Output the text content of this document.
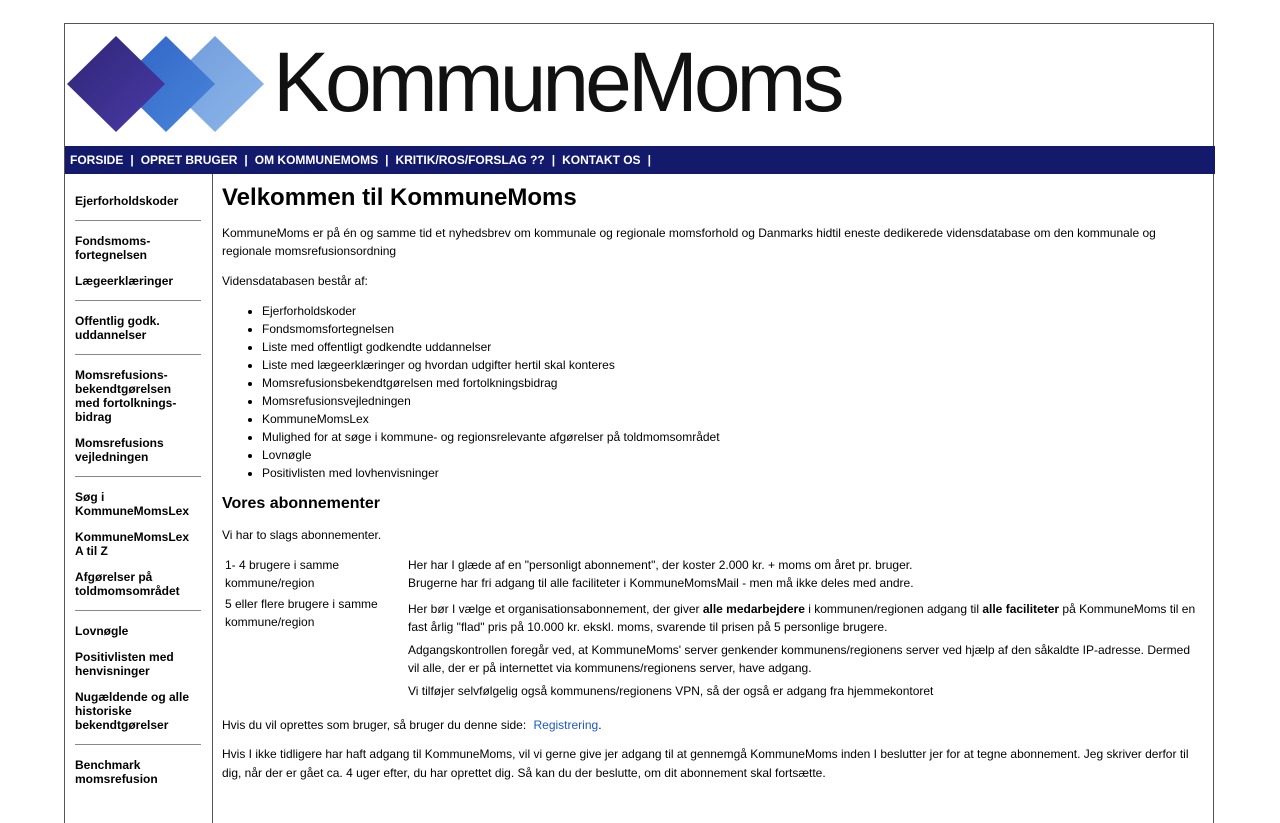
KommuneMoms
FORSIDE | OPRET BRUGER | OM KOMMUNEMOMS | KRITIK/ROS/FORSLAG ?? | KONTAKT OS |
Ejerforholdskoder
Fondsmoms-fortegnelsen
Lægeerklæringer
Offentlig godk. uddannelser
Momsrefusions-bekendtgørelsen med fortolknings-bidrag
Momsrefusions vejledningen
Søg i KommuneMomsLex
KommuneMomsLex A til Z
Afgørelser på toldmomsområdet
Lovnøgle
Positivlisten med henvisninger
Nugældende og alle historiske bekendtgørelser
Benchmark momsrefusion
Velkommen til KommuneMoms

KommuneMoms er på én og samme tid et nyhedsbrev om kommunale og regionale momsforhold og Danmarks hidtil eneste dedikerede vidensdatabase om den kommunale og regionale momsrefusionsordning

Vidensdatabasen består af:

• Ejerforholdskoder
• Fondsmomsfortegnelsen
• Liste med offentligt godkendte uddannelser
• Liste med lægeerklæringer og hvordan udgifter hertil skal konteres
• Momsrefusionsbekendtgørelsen med fortolkningsbidrag
• Momsrefusionsvejledningen
• KommuneMomsLex
• Mulighed for at søge i kommune- og regionsrelevante afgørelser på toldmomsområdet
• Lovnøgle
• Positivlisten med lovhenvisninger
Vores abonnementer

Vi har to slags abonnementer.

1- 4 brugere i samme kommune/region	Her har I glæde af en "personligt abonnement", der koster 2.000 kr. + moms om året pr. bruger.
Brugerne har fri adgang til alle faciliteter i KommuneMomsMail - men må ikke deles med andre.

5 eller flere brugere i samme kommune/region	Her bør I vælge et organisationsabonnement, der giver alle medarbejdere i kommunen/regionen adgang til alle faciliteter på KommuneMoms til en fast årlig "flad" pris på 10.000 kr. ekskl. moms, svarende til prisen på 5 personlige brugere.
Adgangskontrollen foregår ved, at KommuneMoms' server genkender kommunens/regionens server ved hjælp af den såkaldte IP-adresse. Dermed vil alle, der er på internettet via kommunens/regionens server, have adgang.
Vi tilføjer selvfølgelig også kommunens/regionens VPN, så der også er adgang fra hjemmekontoret

Hvis du vil oprettes som bruger, så bruger du denne side: Registrering.

Hvis I ikke tidligere har haft adgang til KommuneMoms, vil vi gerne give jer adgang til at gennemgå KommuneMoms inden I beslutter jer for at tegne abonnement. Jeg skriver derfor til dig, når der er gået ca. 4 uger efter, du har oprettet dig. Så kan du der beslutte, om dit abonnement skal fortsætte.
